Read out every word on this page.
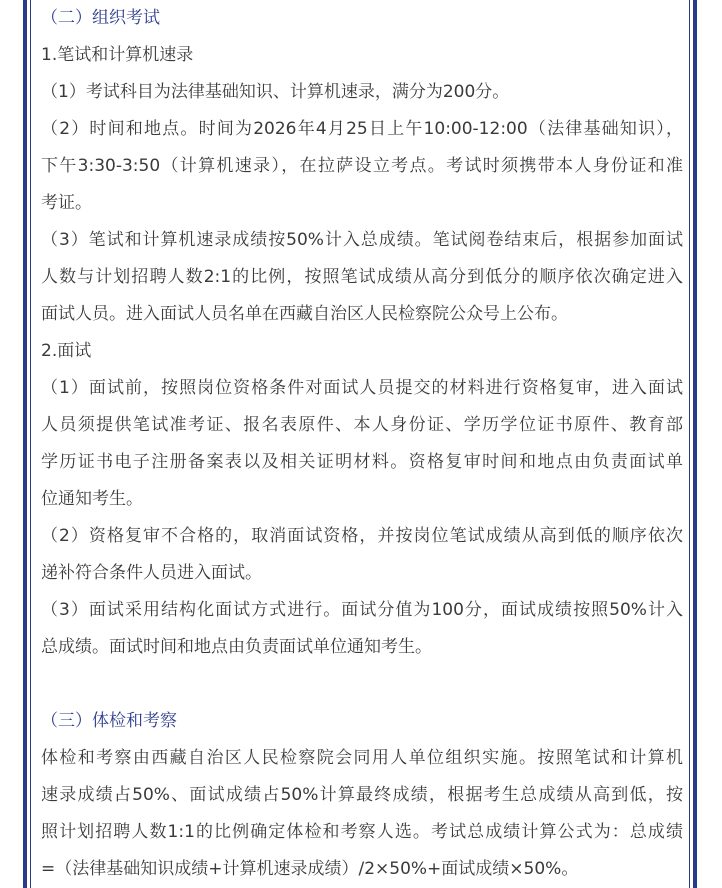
（二）组织考试
1.笔试和计算机速录
（1）考试科目为法律基础知识、计算机速录，满分为200分。
（2）时间和地点。时间为2026年4月25日上午10:00-12:00（法律基础知识），
下午3:30-3:50（计算机速录），在拉萨设立考点。考试时须携带本人身份证和准
考证。
（3）笔试和计算机速录成绩按50%计入总成绩。笔试阅卷结束后，根据参加面试
人数与计划招聘人数2:1的比例，按照笔试成绩从高分到低分的顺序依次确定进入
面试人员。进入面试人员名单在西藏自治区人民检察院公众号上公布。
2.面试
（1）面试前，按照岗位资格条件对面试人员提交的材料进行资格复审，进入面试
人员须提供笔试准考证、报名表原件、本人身份证、学历学位证书原件、教育部
学历证书电子注册备案表以及相关证明材料。资格复审时间和地点由负责面试单
位通知考生。
（2）资格复审不合格的，取消面试资格，并按岗位笔试成绩从高到低的顺序依次
递补符合条件人员进入面试。
（3）面试采用结构化面试方式进行。面试分值为100分，面试成绩按照50%计入
总成绩。面试时间和地点由负责面试单位通知考生。
（三）体检和考察
体检和考察由西藏自治区人民检察院会同用人单位组织实施。按照笔试和计算机
速录成绩占50%、面试成绩占50%计算最终成绩，根据考生总成绩从高到低，按
照计划招聘人数1:1的比例确定体检和考察人选。考试总成绩计算公式为：总成绩
=（法律基础知识成绩+计算机速录成绩）/2×50%+面试成绩×50%。
